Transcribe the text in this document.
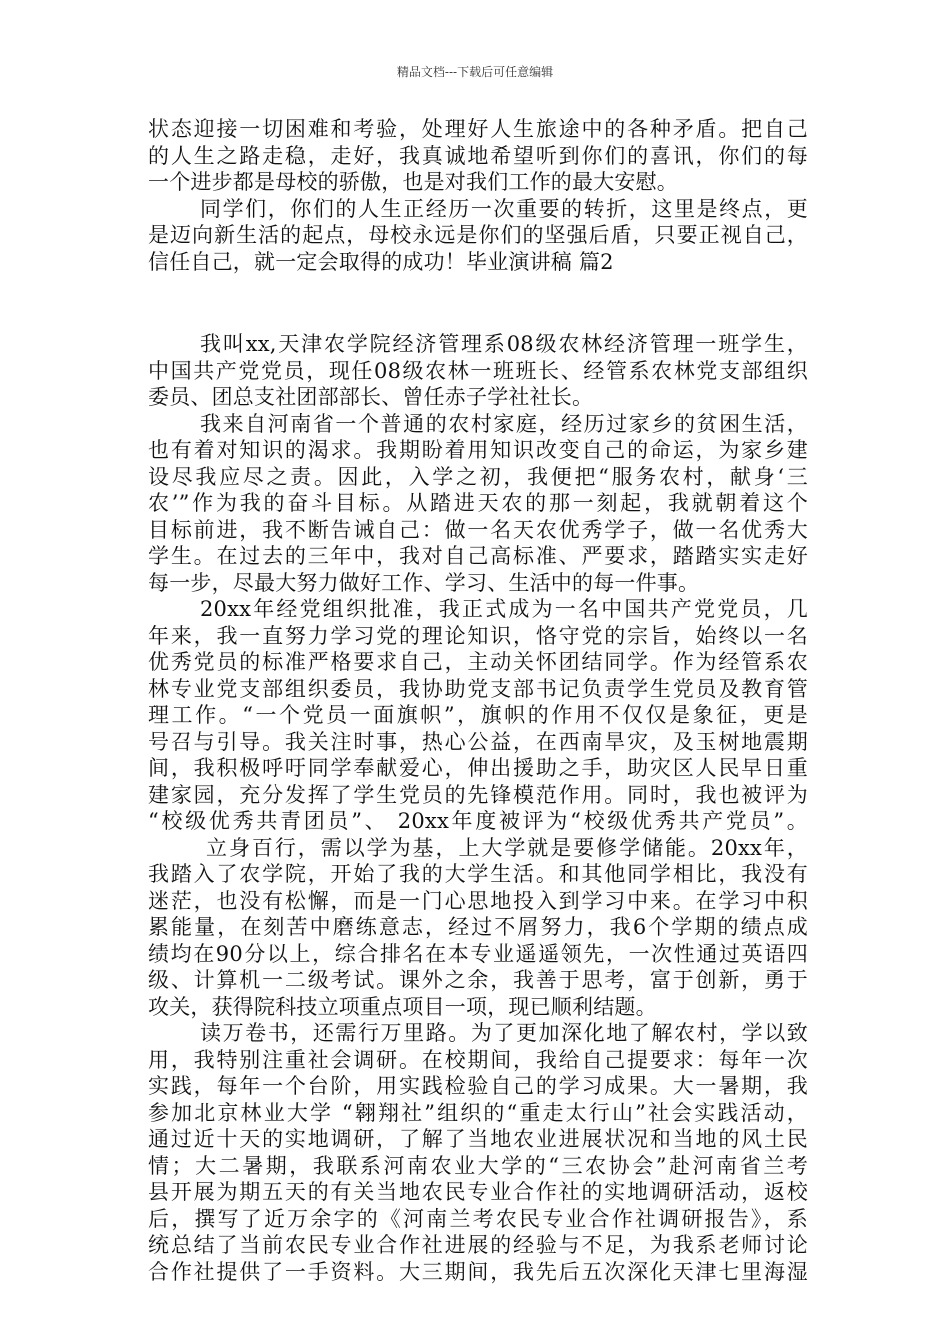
精品文档---下载后可任意编辑
状态迎接一切困难和考验，处理好人生旅途中的各种矛盾。把自己
的人生之路走稳，走好，我真诚地希望听到你们的喜讯，你们的每
一个进步都是母校的骄傲，也是对我们工作的最大安慰。
同学们，你们的人生正经历一次重要的转折，这里是终点，更
是迈向新生活的起点，母校永远是你们的坚强后盾，只要正视自己，
信任自己，就一定会取得的成功！毕业演讲稿 篇2
我叫xx,天津农学院经济管理系08级农林经济管理一班学生，
中国共产党党员，现任08级农林一班班长、经管系农林党支部组织
委员、团总支社团部部长、曾任赤子学社社长。
我来自河南省一个普通的农村家庭，经历过家乡的贫困生活，
也有着对知识的渴求。我期盼着用知识改变自己的命运，为家乡建
设尽我应尽之责。因此，入学之初，我便把“服务农村，献身‘三
农’”作为我的奋斗目标。从踏进天农的那一刻起，我就朝着这个
目标前进，我不断告诫自己：做一名天农优秀学子，做一名优秀大
学生。在过去的三年中，我对自己高标准、严要求，踏踏实实走好
每一步，尽最大努力做好工作、学习、生活中的每一件事。
20xx年经党组织批准，我正式成为一名中国共产党党员，几
年来，我一直努力学习党的理论知识，恪守党的宗旨，始终以一名
优秀党员的标准严格要求自己，主动关怀团结同学。作为经管系农
林专业党支部组织委员，我协助党支部书记负责学生党员及教育管
理工作。“一个党员一面旗帜”，旗帜的作用不仅仅是象征，更是
号召与引导。我关注时事，热心公益，在西南旱灾，及玉树地震期
间，我积极呼吁同学奉献爱心，伸出援助之手，助灾区人民早日重
建家园，充分发挥了学生党员的先锋模范作用。同时，我也被评为
“校级优秀共青团员”、 20xx年度被评为“校级优秀共产党员”。
立身百行，需以学为基，上大学就是要修学储能。20xx年，
我踏入了农学院，开始了我的大学生活。和其他同学相比，我没有
迷茫，也没有松懈，而是一门心思地投入到学习中来。在学习中积
累能量，在刻苦中磨练意志，经过不屑努力，我6个学期的绩点成
绩均在90分以上，综合排名在本专业遥遥领先，一次性通过英语四
级、计算机一二级考试。课外之余，我善于思考，富于创新，勇于
攻关，获得院科技立项重点项目一项，现已顺利结题。
读万卷书，还需行万里路。为了更加深化地了解农村，学以致
用，我特别注重社会调研。在校期间，我给自己提要求：每年一次
实践，每年一个台阶，用实践检验自己的学习成果。大一暑期，我
参加北京林业大学 “翱翔社”组织的“重走太行山”社会实践活动，
通过近十天的实地调研，了解了当地农业进展状况和当地的风土民
情；大二暑期，我联系河南农业大学的“三农协会”赴河南省兰考
县开展为期五天的有关当地农民专业合作社的实地调研活动，返校
后，撰写了近万余字的《河南兰考农民专业合作社调研报告》，系
统总结了当前农民专业合作社进展的经验与不足，为我系老师讨论
合作社提供了一手资料。大三期间，我先后五次深化天津七里海湿
